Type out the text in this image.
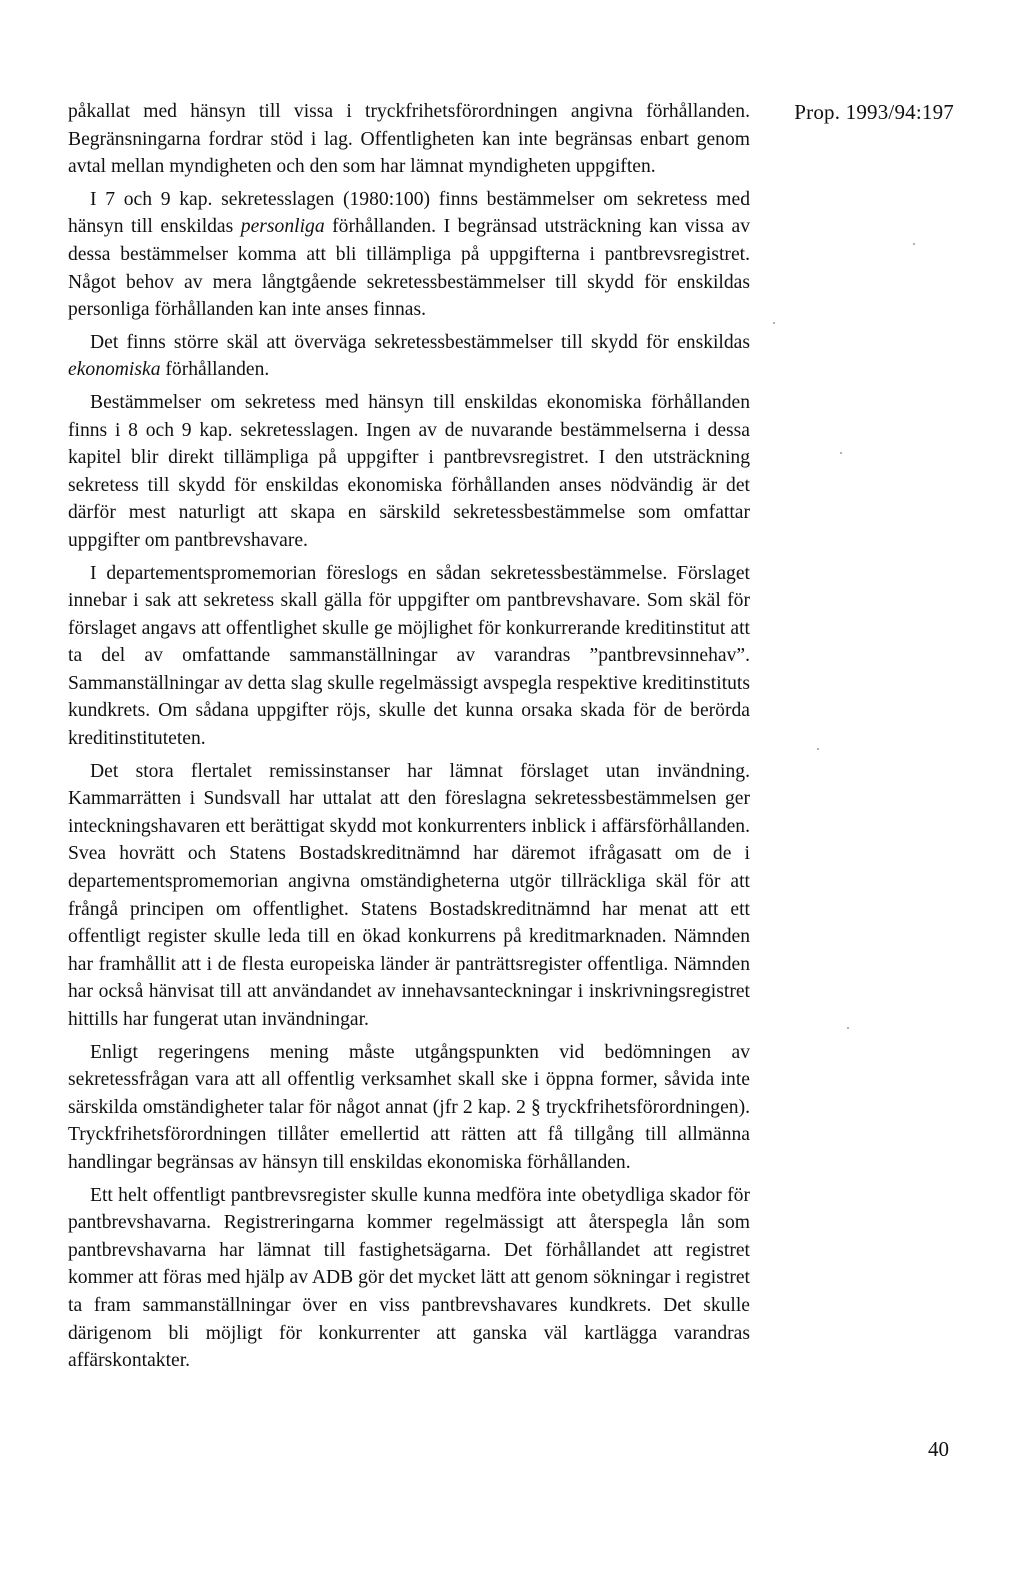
Prop. 1993/94:197

påkallat med hänsyn till vissa i tryckfrihetsförordningen angivna förhållanden. Begränsningarna fordrar stöd i lag. Offentligheten kan inte begränsas enbart genom avtal mellan myndigheten och den som har lämnat myndigheten uppgiften.

I 7 och 9 kap. sekretesslagen (1980:100) finns bestämmelser om sekretess med hänsyn till enskildas personliga förhållanden. I begränsad utsträckning kan vissa av dessa bestämmelser komma att bli tillämpliga på uppgifterna i pantbrevsregistret. Något behov av mera långtgående sekretessbestämmelser till skydd för enskildas personliga förhållanden kan inte anses finnas.

Det finns större skäl att överväga sekretessbestämmelser till skydd för enskildas ekonomiska förhållanden.

Bestämmelser om sekretess med hänsyn till enskildas ekonomiska förhållanden finns i 8 och 9 kap. sekretesslagen. Ingen av de nuvarande bestämmelserna i dessa kapitel blir direkt tillämpliga på uppgifter i pantbrevsregistret. I den utsträckning sekretess till skydd för enskildas ekonomiska förhållanden anses nödvändig är det därför mest naturligt att skapa en särskild sekretessbestämmelse som omfattar uppgifter om pantbrevshavare.

I departementspromemorian föreslogs en sådan sekretessbestämmelse. Förslaget innebar i sak att sekretess skall gälla för uppgifter om pantbrevshavare. Som skäl för förslaget angavs att offentlighet skulle ge möjlighet för konkurrerande kreditinstitut att ta del av omfattande sammanställningar av varandras ”pantbrevsinnehav”. Sammanställningar av detta slag skulle regelmässigt avspegla respektive kreditinstituts kundkrets. Om sådana uppgifter röjs, skulle det kunna orsaka skada för de berörda kreditinstituteten.

Det stora flertalet remissinstanser har lämnat förslaget utan invändning. Kammarrätten i Sundsvall har uttalat att den föreslagna sekretessbestämmelsen ger inteckningshavaren ett berättigat skydd mot konkurrenters inblick i affärsförhållanden. Svea hovrätt och Statens Bostadskreditnämnd har däremot ifrågasatt om de i departementspromemorian angivna omständigheterna utgör tillräckliga skäl för att frångå principen om offentlighet. Statens Bostadskreditnämnd har menat att ett offentligt register skulle leda till en ökad konkurrens på kreditmarknaden. Nämnden har framhållit att i de flesta europeiska länder är panträttsregister offentliga. Nämnden har också hänvisat till att användandet av innehavsanteckningar i inskrivningsregistret hittills har fungerat utan invändningar.

Enligt regeringens mening måste utgångspunkten vid bedömningen av sekretessfrågan vara att all offentlig verksamhet skall ske i öppna former, såvida inte särskilda omständigheter talar för något annat (jfr 2 kap. 2 § tryckfrihetsförordningen). Tryckfrihetsförordningen tillåter emellertid att rätten att få tillgång till allmänna handlingar begränsas av hänsyn till enskildas ekonomiska förhållanden.

Ett helt offentligt pantbrevsregister skulle kunna medföra inte obetydliga skador för pantbrevshavarna. Registreringarna kommer regelmässigt att återspegla lån som pantbrevshavarna har lämnat till fastighetsägarna. Det förhållandet att registret kommer att föras med hjälp av ADB gör det mycket lätt att genom sökningar i registret ta fram sammanställningar över en viss pantbrevshavares kundkrets. Det skulle därigenom bli möjligt för konkurrenter att ganska väl kartlägga varandras affärskontakter.

40
